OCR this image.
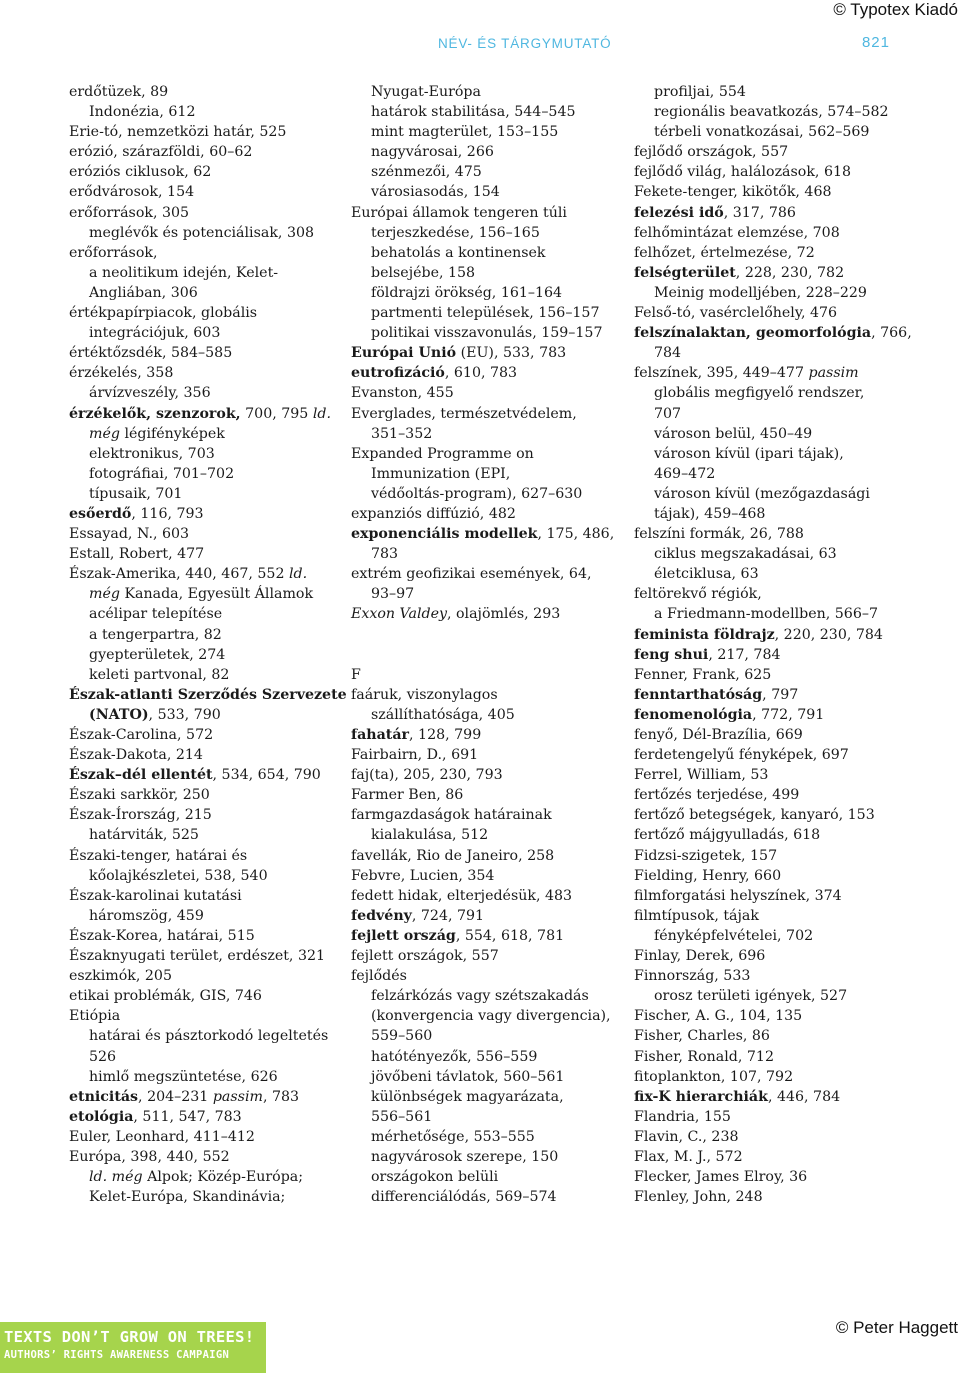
© Typotex Kiadó
NÉV- ÉS TÁRGYMUTATÓ	821
erdőtüzek, 89
Indonézia, 612
Erie-tó, nemzetközi határ, 525
erózió, szárazföldi, 60–62
eróziós ciklusok, 62
erődvárosok, 154
erőforrások, 305
meglévők és potenciálisak, 308
erőforrások,
a neolitikum idején, Kelet-
Angliában, 306
értékpapírpiacok, globális
integrációjuk, 603
értéktőzsdék, 584–585
érzékelés, 358
árvízveszély, 356
érzékelők, szenzorok, 700, 795 ld.
még légifényképek
elektronikus, 703
fotográfiai, 701–702
típusaik, 701
esőerdő, 116, 793
Essayad, N., 603
Estall, Robert, 477
Észak-Amerika, 440, 467, 552 ld.
még Kanada, Egyesült Államok
acélipar telepítése
a tengerpartra, 82
gyepterületek, 274
keleti partvonal, 82
Észak-atlanti Szerződés Szervezete
(NATO), 533, 790
Észak-Carolina, 572
Észak-Dakota, 214
Észak–dél ellentét, 534, 654, 790
Északi sarkkör, 250
Észak-Írország, 215
határviták, 525
Északi-tenger, határai és
kőolajkészletei, 538, 540
Észak-karolinai kutatási
háromszög, 459
Észak-Korea, határai, 515
Északnyugati terület, erdészet, 321
eszkimók, 205
etikai problémák, GIS, 746
Etiópia
határai és pásztorkodó legeltetés
526
himlő megszüntetése, 626
etnicitás, 204–231 passim, 783
etológia, 511, 547, 783
Euler, Leonhard, 411–412
Európa, 398, 440, 552
ld. még Alpok; Közép-Európa;
Kelet-Európa, Skandinávia;
Nyugat-Európa
határok stabilitása, 544–545
mint magterület, 153–155
nagyvárosai, 266
szénmezői, 475
városiasodás, 154
Európai államok tengeren túli
terjeszkedése, 156–165
behatolás a kontinensek
belsejébe, 158
földrajzi örökség, 161–164
partmenti települések, 156–157
politikai visszavonulás, 159–157
Európai Unió (EU), 533, 783
eutrofizáció, 610, 783
Evanston, 455
Everglades, természetvédelem,
351–352
Expanded Programme on
Immunization (EPI,
védőoltás-program), 627–630
expanziós diffúzió, 482
exponenciális modellek, 175, 486,
783
extrém geofizikai események, 64,
93–97
Exxon Valdey, olajömlés, 293
F
faáruk, viszonylagos
szállíthatósága, 405
fahatár, 128, 799
Fairbairn, D., 691
faj(ta), 205, 230, 793
Farmer Ben, 86
farmgazdaságok határainak
kialakulása, 512
favellák, Rio de Janeiro, 258
Febvre, Lucien, 354
fedett hidak, elterjedésük, 483
fedvény, 724, 791
fejlett ország, 554, 618, 781
fejlett országok, 557
fejlődés
felzárkózás vagy szétszakadás
(konvergencia vagy divergencia),
559–560
hatótényezők, 556–559
jövőbeni távlatok, 560–561
különbségek magyarázata,
556–561
mérhetősége, 553–555
nagyvárosok szerepe, 150
országokon belüli
differenciálódás, 569–574
profiljai, 554
regionális beavatkozás, 574–582
térbeli vonatkozásai, 562–569
fejlődő országok, 557
fejlődő világ, halálozások, 618
Fekete-tenger, kikötők, 468
felezési idő, 317, 786
felhőmintázat elemzése, 708
felhőzet, értelmezése, 72
felségterület, 228, 230, 782
Meinig modelljében, 228–229
Felső-tó, vasérclelőhely, 476
felszínalaktan, geomorfológia, 766,
784
felszínek, 395, 449–477 passim
globális megfigyelő rendszer,
707
városon belül, 450–49
városon kívül (ipari tájak),
469–472
városon kívül (mezőgazdasági
tájak), 459–468
felszíni formák, 26, 788
ciklus megszakadásai, 63
életciklusa, 63
feltörekvő régiók,
a Friedmann-modellben, 566–7
feminista földrajz, 220, 230, 784
feng shui, 217, 784
Fenner, Frank, 625
fenntarthatóság, 797
fenomenológia, 772, 791
fenyő, Dél-Brazília, 669
ferdetengelyű fényképek, 697
Ferrel, William, 53
fertőzés terjedése, 499
fertőző betegségek, kanyaró, 153
fertőző májgyulladás, 618
Fidzsi-szigetek, 157
Fielding, Henry, 660
filmforgatási helyszínek, 374
filmtípusok, tájak
fényképfelvételei, 702
Finlay, Derek, 696
Finnország, 533
orosz területi igények, 527
Fischer, A. G., 104, 135
Fisher, Charles, 86
Fisher, Ronald, 712
fitoplankton, 107, 792
fix-K hierarchiák, 446, 784
Flandria, 155
Flavin, C., 238
Flax, M. J., 572
Flecker, James Elroy, 36
Flenley, John, 248
TEXTS DON’T GROW ON TREES!
AUTHORS’ RIGHTS AWARENESS CAMPAIGN
© Peter Haggett
